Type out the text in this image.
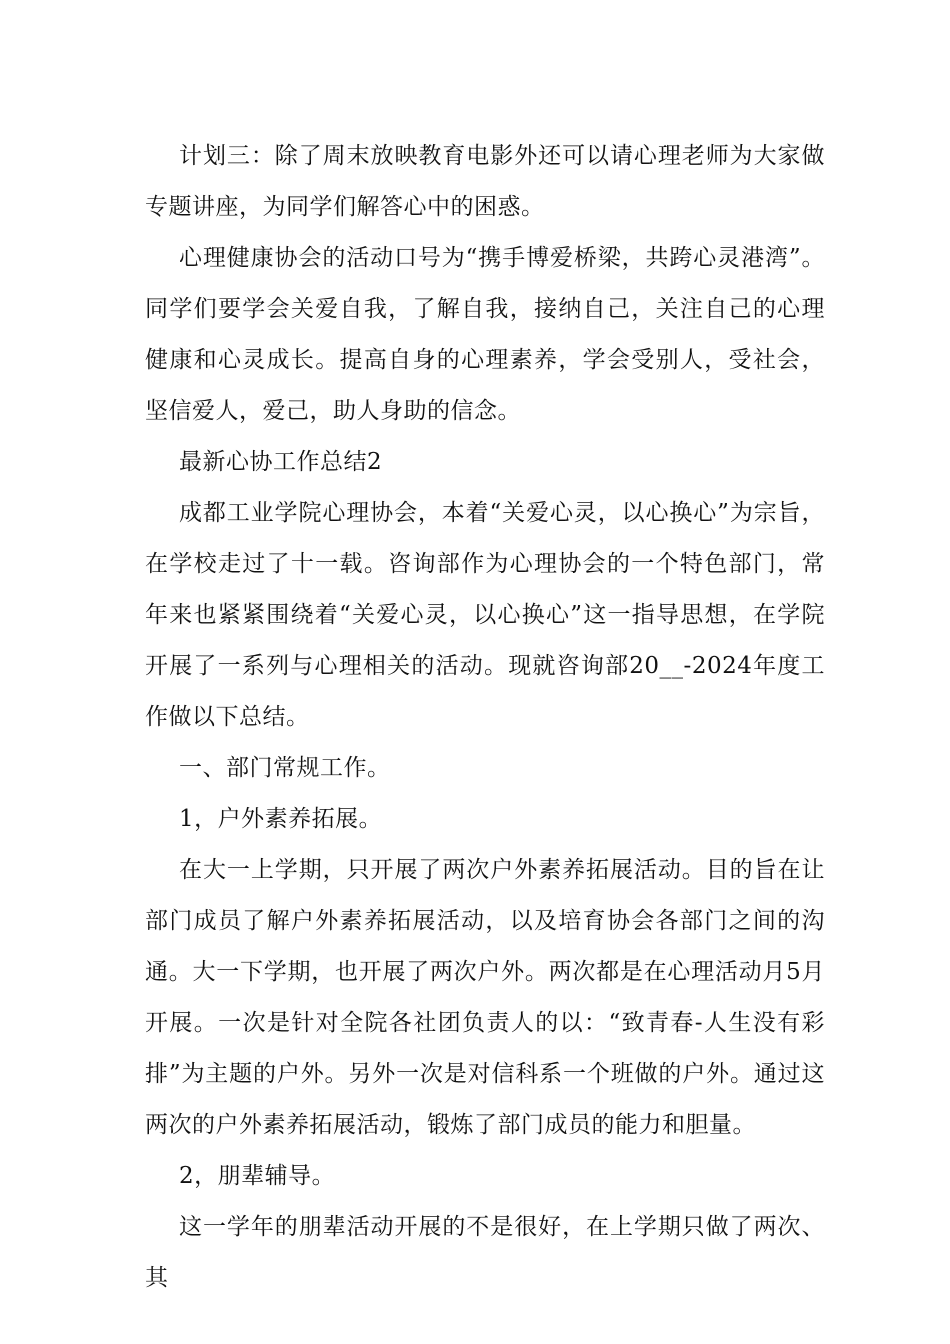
计划三：除了周末放映教育电影外还可以请心理老师为大家做专题讲座，为同学们解答心中的困惑。

心理健康协会的活动口号为“携手博爱桥梁，共跨心灵港湾”。同学们要学会关爱自我，了解自我，接纳自己，关注自己的心理健康和心灵成长。提高自身的心理素养，学会受别人，受社会，坚信爱人，爱己，助人身助的信念。

最新心协工作总结2

成都工业学院心理协会，本着“关爱心灵，以心换心”为宗旨，在学校走过了十一载。咨询部作为心理协会的一个特色部门，常年来也紧紧围绕着“关爱心灵，以心换心”这一指导思想，在学院开展了一系列与心理相关的活动。现就咨询部20__-2024年度工作做以下总结。

一、部门常规工作。

1，户外素养拓展。

在大一上学期，只开展了两次户外素养拓展活动。目的旨在让部门成员了解户外素养拓展活动，以及培育协会各部门之间的沟通。大一下学期，也开展了两次户外。两次都是在心理活动月5月开展。一次是针对全院各社团负责人的以：“致青春-人生没有彩排”为主题的户外。另外一次是对信科系一个班做的户外。通过这两次的户外素养拓展活动，锻炼了部门成员的能力和胆量。

2，朋辈辅导。

这一学年的朋辈活动开展的不是很好，在上学期只做了两次、其
